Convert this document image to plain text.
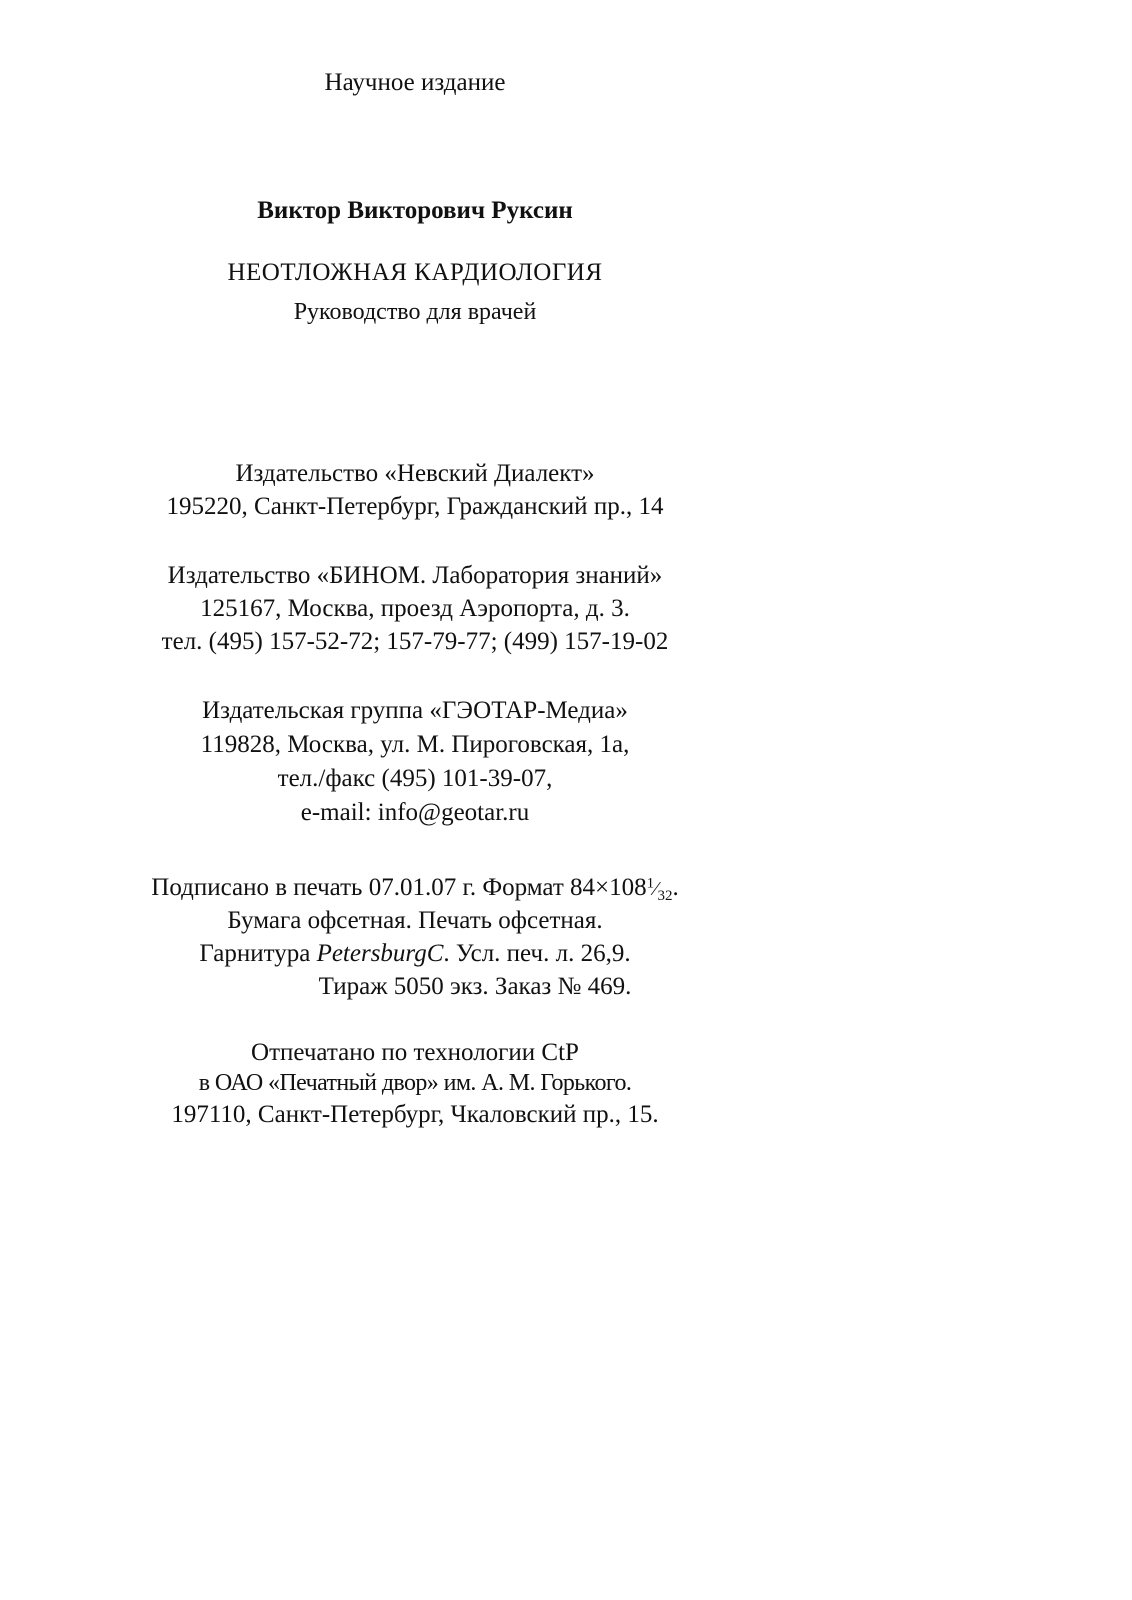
Научное издание
Виктор Викторович Руксин
НЕОТЛОЖНАЯ КАРДИОЛОГИЯ
Руководство для врачей
Издательство «Невский Диалект»
195220, Санкт-Петербург, Гражданский пр., 14
Издательство «БИНОМ. Лаборатория знаний»
125167, Москва, проезд Аэропорта, д. 3.
тел. (495) 157-52-72; 157-79-77; (499) 157-19-02
Издательская группа «ГЭОТАР-Медиа»
119828, Москва, ул. М. Пироговская, 1а,
тел./факс (495) 101-39-07,
e-mail: info@geotar.ru
Подписано в печать 07.01.07 г. Формат $84\times 108^1⁄_{32}$.
Бумага офсетная. Печать офсетная.
Гарнитура PetersburgC. Усл. печ. л. 26,9.
Тираж 5050 экз. Заказ № 469.
Отпечатано по технологии CtP
в ОАО «Печатный двор» им. А. М. Горького.
197110, Санкт-Петербург, Чкаловский пр., 15.
